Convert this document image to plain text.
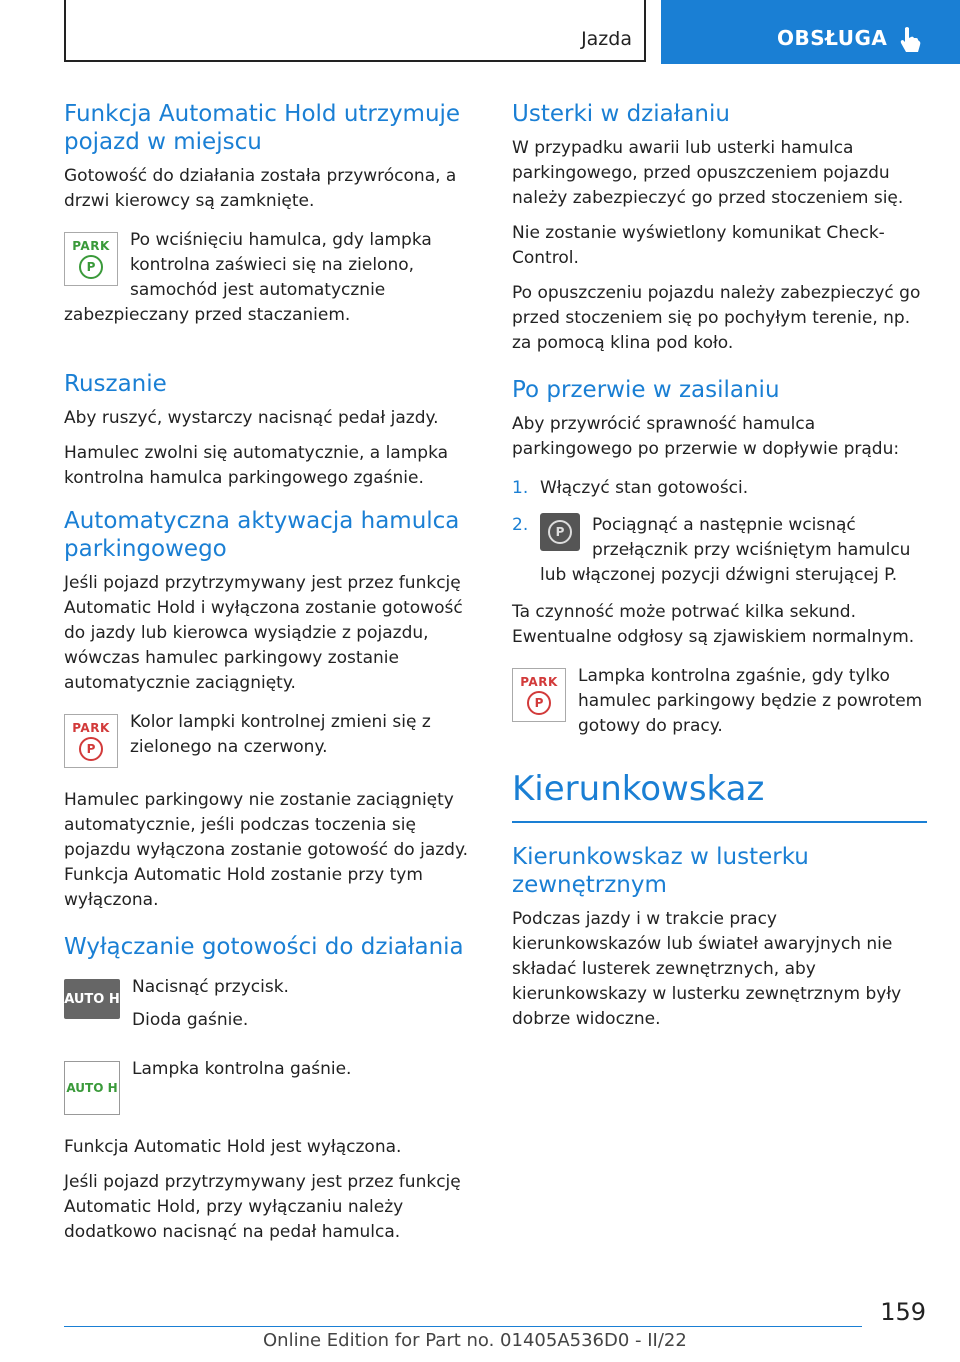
Jazda	OBSŁUGA
Funkcja Automatic Hold utrzymuje pojazd w miejscu

Gotowość do działania została przywrócona, a drzwi kierowcy są zamknięte.

PARK
P

Po wciśnięciu hamulca, gdy lampka kontrolna zaświeci się na zielono, samochód jest automatycznie zabezpieczany przed staczaniem.

Ruszanie

Aby ruszyć, wystarczy nacisnąć pedał jazdy.

Hamulec zwolni się automatycznie, a lampka kontrolna hamulca parkingowego zgaśnie.

Automatyczna aktywacja hamulca parkingowego

Jeśli pojazd przytrzymywany jest przez funkcję Automatic Hold i wyłączona zostanie gotowość do jazdy lub kierowca wysiądzie z pojazdu, wówczas hamulec parkingowy zostanie automatycznie zaciągnięty.

PARK
P

Kolor lampki kontrolnej zmieni się z zielonego na czerwony.

Hamulec parkingowy nie zostanie zaciągnięty automatycznie, jeśli podczas toczenia się pojazdu wyłączona zostanie gotowość do jazdy. Funkcja Automatic Hold zostanie przy tym wyłączona.

Wyłączanie gotowości do działania
AUTO H

Nacisnąć przycisk.

Dioda gaśnie.

AUTO H

Lampka kontrolna gaśnie.

Funkcja Automatic Hold jest wyłączona.

Jeśli pojazd przytrzymywany jest przez funkcję Automatic Hold, przy wyłączaniu należy dodatkowo nacisnąć na pedał hamulca.

Usterki w działaniu

W przypadku awarii lub usterki hamulca parkingowego, przed opuszczeniem pojazdu należy zabezpieczyć go przed stoczeniem się.

Nie zostanie wyświetlony komunikat Check-Control.

Po opuszczeniu pojazdu należy zabezpieczyć go przed stoczeniem się po pochyłym terenie, np. za pomocą klina pod koło.

Po przerwie w zasilaniu

Aby przywrócić sprawność hamulca parkingowego po przerwie w dopływie prądu:

1. Włączyć stan gotowości.
2.	P	Pociągnąć a następnie wcisnąć przełącznik przy wciśniętym hamulcu lub włączonej pozycji dźwigni sterującej P.

Ta czynność może potrwać kilka sekund. Ewentualne odgłosy są zjawiskiem normalnym.

PARK
P

Lampka kontrolna zgaśnie, gdy tylko hamulec parkingowy będzie z powrotem gotowy do pracy.

Kierunkowskaz
Kierunkowskaz w lusterku zewnętrznym

Podczas jazdy i w trakcie pracy kierunkowskazów lub świateł awaryjnych nie składać lusterek zewnętrznych, aby kierunkowskazy w lusterku zewnętrznym były dobrze widoczne.

159
Online Edition for Part no. 01405A536D0 - II/22
